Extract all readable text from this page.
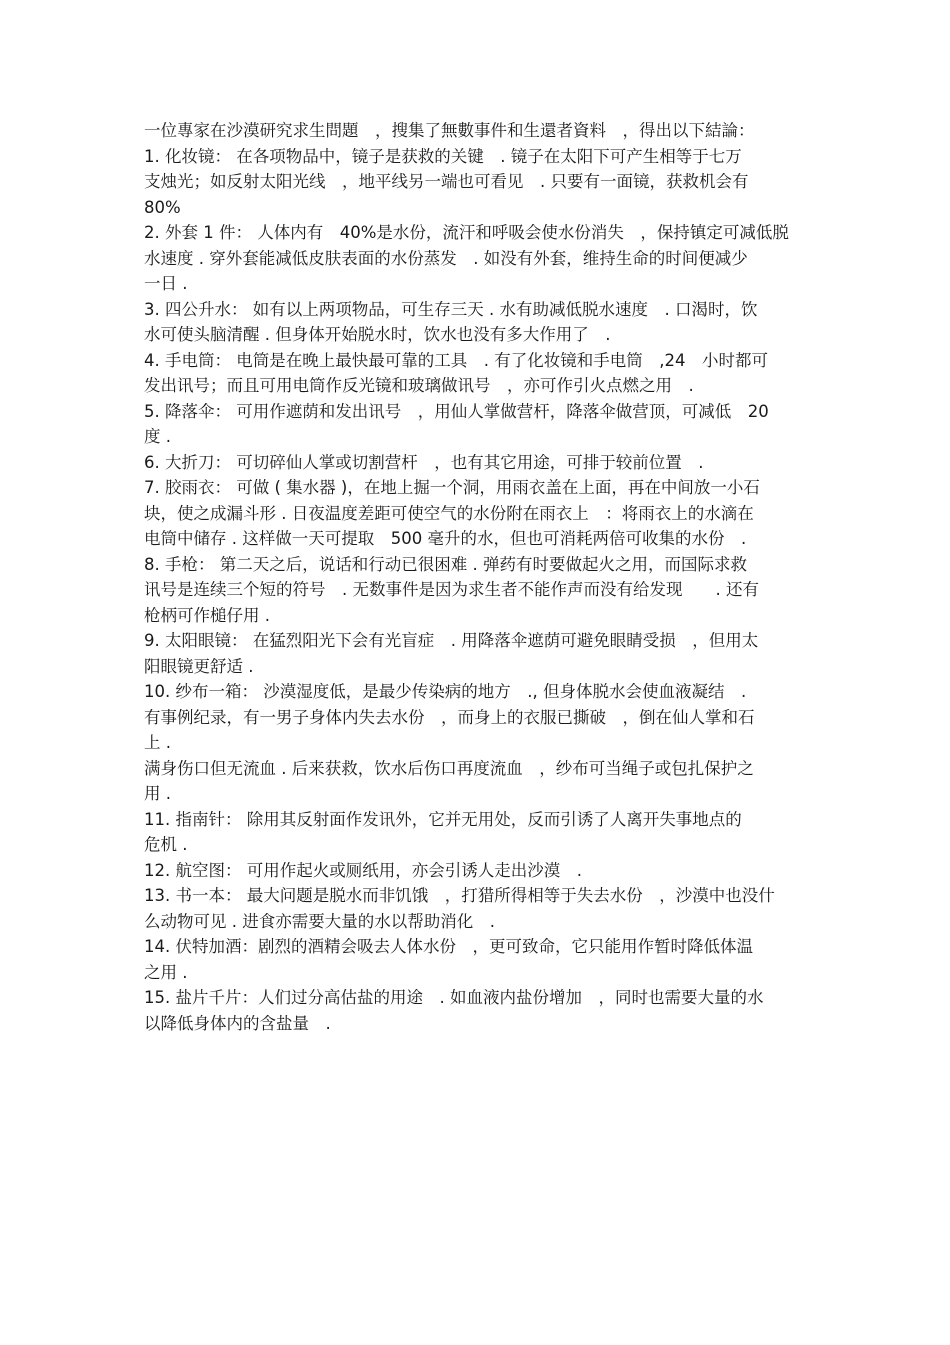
一位專家在沙漠研究求生問題　，搜集了無數事件和生還者資料　，得出以下結論：
1. 化妆镜： 在各项物品中，镜子是获救的关键　. 镜子在太阳下可产生相等于七万
支烛光；如反射太阳光线　，地平线另一端也可看见　. 只要有一面镜，获救机会有
80%
2. 外套 1 件： 人体内有　40%是水份，流汗和呼吸会使水份消失　，保持镇定可减低脱
水速度 . 穿外套能减低皮肤表面的水份蒸发　. 如没有外套，维持生命的时间便减少
一日 .
3. 四公升水： 如有以上两项物品，可生存三天 . 水有助减低脱水速度　. 口渴时，饮
水可使头脑清醒 . 但身体开始脱水时，饮水也没有多大作用了　.
4. 手电筒： 电筒是在晚上最快最可靠的工具　. 有了化妆镜和手电筒　,24　小时都可
发出讯号；而且可用电筒作反光镜和玻璃做讯号　，亦可作引火点燃之用　.
5. 降落伞： 可用作遮荫和发出讯号　，用仙人掌做营杆，降落伞做营顶，可减低　20
度 .
6. 大折刀： 可切碎仙人掌或切割营杆　，也有其它用途，可排于较前位置　.
7. 胶雨衣： 可做 ( 集水器 )，在地上掘一个洞，用雨衣盖在上面，再在中间放一小石
块，使之成漏斗形 . 日夜温度差距可使空气的水份附在雨衣上　：将雨衣上的水滴在
电筒中储存 . 这样做一天可提取　500 毫升的水，但也可消耗两倍可收集的水份　.
8. 手枪： 第二天之后，说话和行动已很困难 . 弹药有时要做起火之用，而国际求救
讯号是连续三个短的符号　. 无数事件是因为求生者不能作声而没有给发现　　. 还有
枪柄可作槌仔用 .
9. 太阳眼镜： 在猛烈阳光下会有光盲症　. 用降落伞遮荫可避免眼睛受损　，但用太
阳眼镜更舒适 .
10. 纱布一箱： 沙漠湿度低，是最少传染病的地方　., 但身体脱水会使血液凝结　.
有事例纪录，有一男子身体内失去水份　，而身上的衣服已撕破　，倒在仙人掌和石
上 .
满身伤口但无流血 . 后来获救，饮水后伤口再度流血　，纱布可当绳子或包扎保护之
用 .
11. 指南针： 除用其反射面作发讯外，它并无用处，反而引诱了人离开失事地点的
危机 .
12. 航空图： 可用作起火或厕纸用，亦会引诱人走出沙漠　.
13. 书一本： 最大问题是脱水而非饥饿　，打猎所得相等于失去水份　，沙漠中也没什
么动物可见 . 进食亦需要大量的水以帮助消化　.
14. 伏特加酒：剧烈的酒精会吸去人体水份　，更可致命，它只能用作暂时降低体温
之用 .
15. 盐片千片：人们过分高估盐的用途　. 如血液内盐份增加　，同时也需要大量的水
以降低身体内的含盐量　.
